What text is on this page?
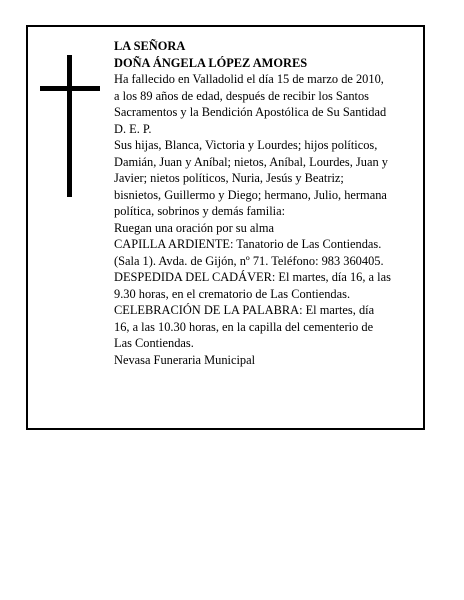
LA SEÑORA

DOÑA ÁNGELA LÓPEZ AMORES

Ha fallecido en Valladolid el día 15 de marzo de 2010,

a los 89 años de edad, después de recibir los Santos

Sacramentos y la Bendición Apostólica de Su Santidad

D. E. P.

Sus hijas, Blanca, Victoria y Lourdes; hijos políticos,

Damián, Juan y Aníbal; nietos, Aníbal, Lourdes, Juan y

Javier; nietos políticos, Nuria, Jesús y Beatriz;

bisnietos, Guillermo y Diego; hermano, Julio, hermana

política, sobrinos y demás familia:

Ruegan una oración por su alma

CAPILLA ARDIENTE: Tanatorio de Las Contiendas.

(Sala 1). Avda. de Gijón, nº 71. Teléfono: 983 360405.

DESPEDIDA DEL CADÁVER: El martes, día 16, a las

9.30 horas, en el crematorio de Las Contiendas.

CELEBRACIÓN DE LA PALABRA: El martes, día

16, a las 10.30 horas, en la capilla del cementerio de

Las Contiendas.

Nevasa Funeraria Municipal
